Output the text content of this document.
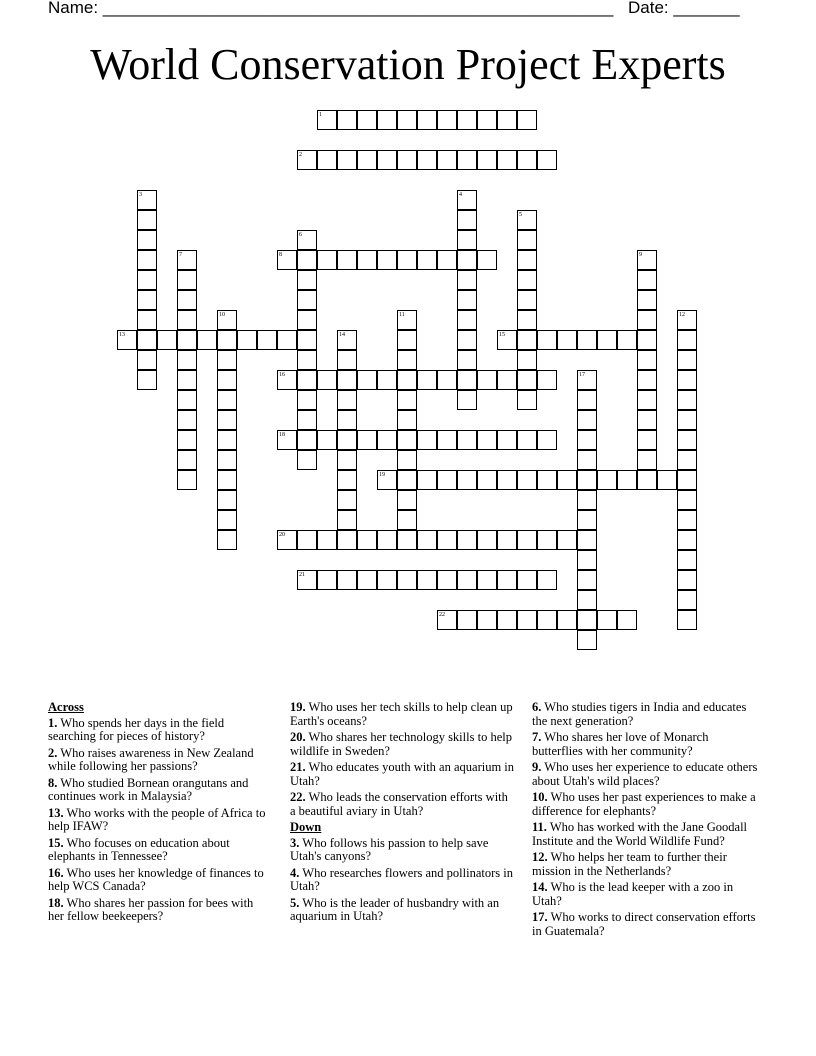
Name: ______________________________________________________ Date: _______
World Conservation Project Experts
1
2
8
13	15
16
18
19
20
21
22
3	4
5
6
7	9
10	11	12
14
17
Across
1. Who spends her days in the field searching for pieces of history?
2. Who raises awareness in New Zealand while following her passions?
8. Who studied Bornean orangutans and continues work in Malaysia?
13. Who works with the people of Africa to help IFAW?
15. Who focuses on education about elephants in Tennessee?
16. Who uses her knowledge of finances to help WCS Canada?
18. Who shares her passion for bees with her fellow beekeepers?
19. Who uses her tech skills to help clean up Earth's oceans?
20. Who shares her technology skills to help wildlife in Sweden?
21. Who educates youth with an aquarium in Utah?
22. Who leads the conservation efforts with a beautiful aviary in Utah?
Down
3. Who follows his passion to help save Utah's canyons?
4. Who researches flowers and pollinators in Utah?
5. Who is the leader of husbandry with an aquarium in Utah?
6. Who studies tigers in India and educates the next generation?
7. Who shares her love of Monarch butterflies with her community?
9. Who uses her experience to educate others about Utah's wild places?
10. Who uses her past experiences to make a difference for elephants?
11. Who has worked with the Jane Goodall Institute and the World Wildlife Fund?
12. Who helps her team to further their mission in the Netherlands?
14. Who is the lead keeper with a zoo in Utah?
17. Who works to direct conservation efforts in Guatemala?
